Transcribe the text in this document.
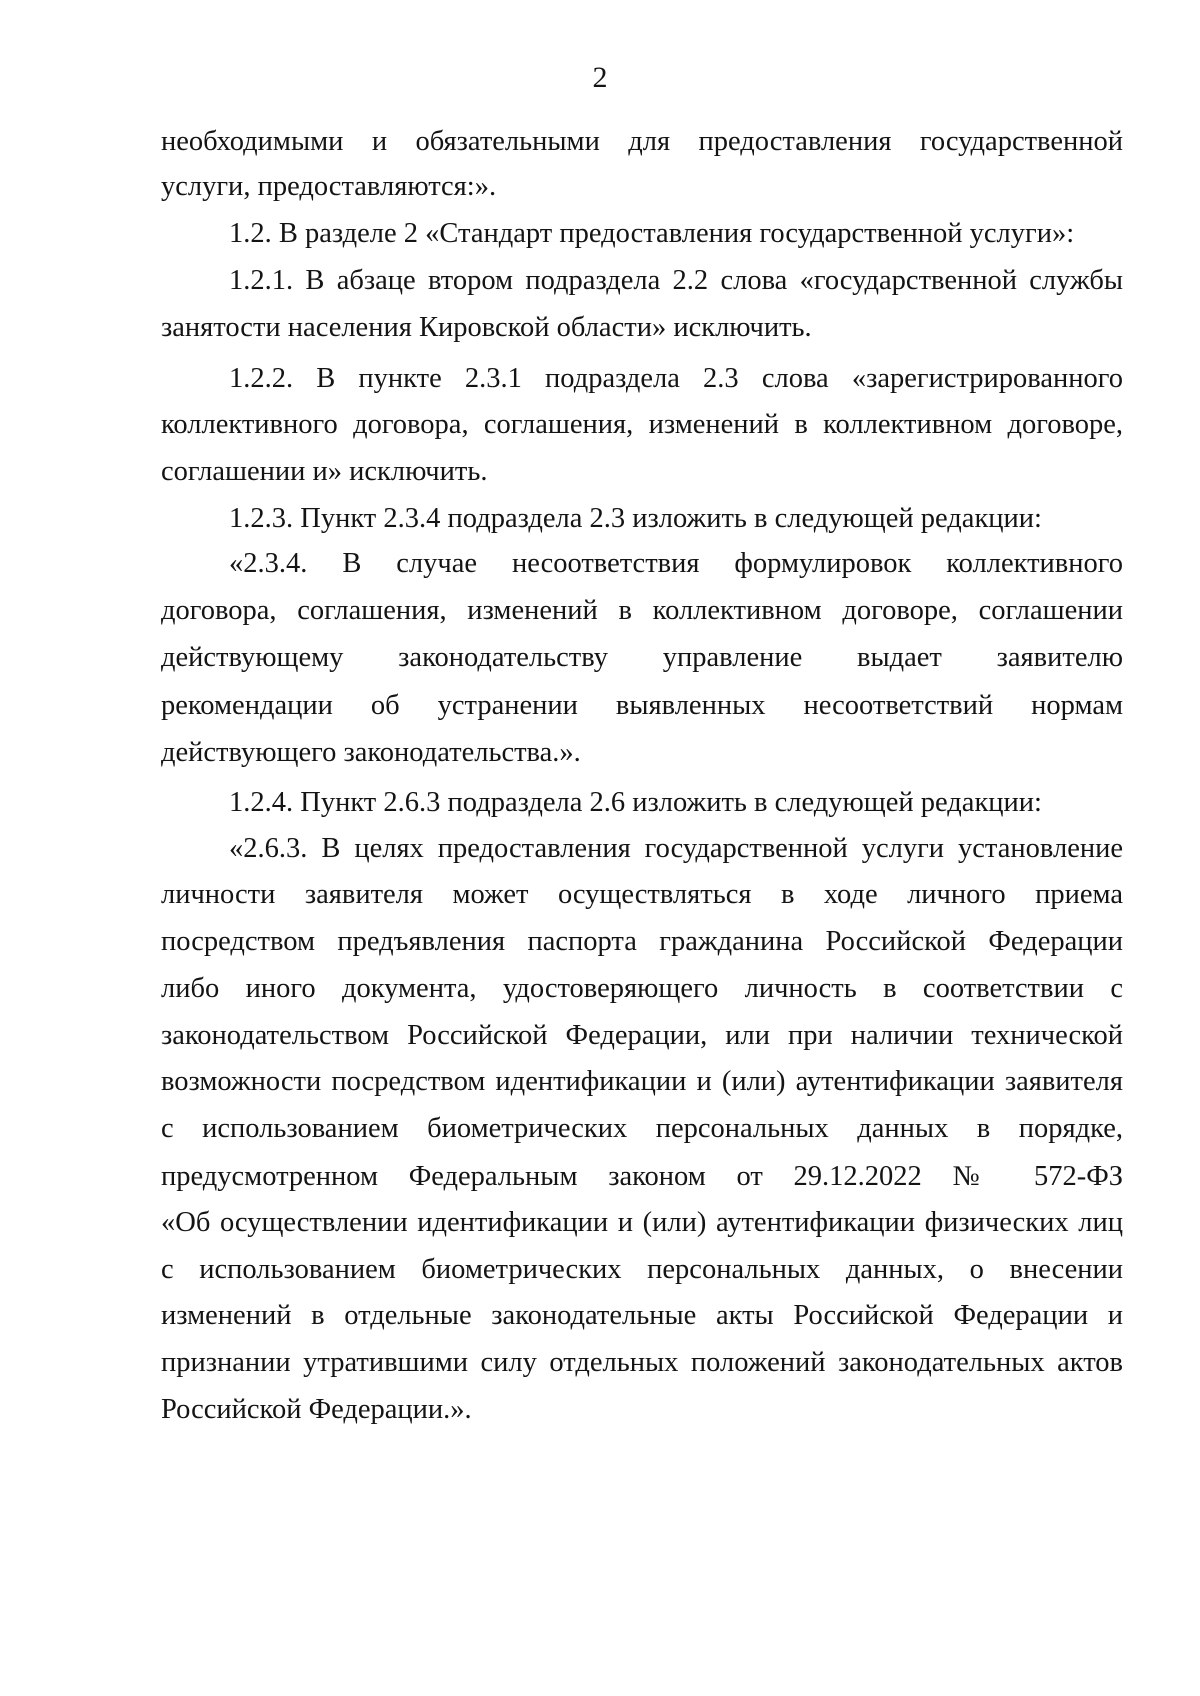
2
необходимыми и обязательными для предоставления государственной
услуги, предоставляются:».
1.2. В разделе 2 «Стандарт предоставления государственной услуги»:
1.2.1. В абзаце втором подраздела 2.2 слова «государственной службы
занятости населения Кировской области» исключить.
1.2.2. В пункте 2.3.1 подраздела 2.3 слова «зарегистрированного
коллективного договора, соглашения, изменений в коллективном договоре,
соглашении и» исключить.
1.2.3. Пункт 2.3.4 подраздела 2.3 изложить в следующей редакции:
«2.3.4. В случае несоответствия формулировок коллективного
договора, соглашения, изменений в коллективном договоре, соглашении
действующему законодательству управление выдает заявителю
рекомендации об устранении выявленных несоответствий нормам
действующего законодательства.».
1.2.4. Пункт 2.6.3 подраздела 2.6 изложить в следующей редакции:
«2.6.3. В целях предоставления государственной услуги установление
личности заявителя может осуществляться в ходе личного приема
посредством предъявления паспорта гражданина Российской Федерации
либо иного документа, удостоверяющего личность в соответствии с
законодательством Российской Федерации, или при наличии технической
возможности посредством идентификации и (или) аутентификации заявителя
с использованием биометрических персональных данных в порядке,
предусмотренном Федеральным законом от 29.12.2022 № 572-ФЗ
«Об осуществлении идентификации и (или) аутентификации физических лиц
с использованием биометрических персональных данных, о внесении
изменений в отдельные законодательные акты Российской Федерации и
признании утратившими силу отдельных положений законодательных актов
Российской Федерации.».
